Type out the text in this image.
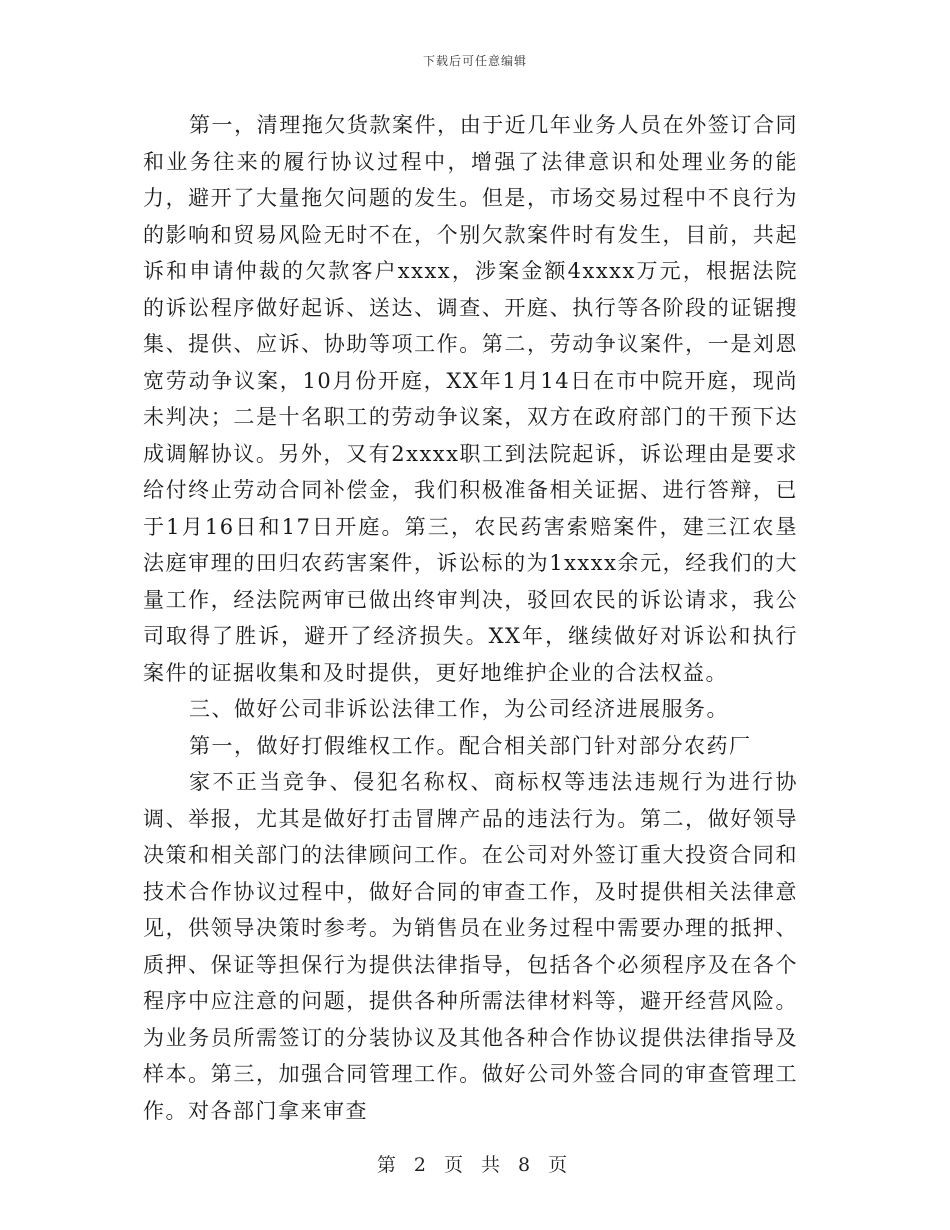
下载后可任意编辑

第一，清理拖欠货款案件，由于近几年业务人员在外签订合同和业务往来的履行协议过程中，增强了法律意识和处理业务的能力，避开了大量拖欠问题的发生。但是，市场交易过程中不良行为的影响和贸易风险无时不在，个别欠款案件时有发生，目前，共起诉和申请仲裁的欠款客户xxxx，涉案金额4xxxx万元，根据法院的诉讼程序做好起诉、送达、调查、开庭、执行等各阶段的证锯搜集、提供、应诉、协助等项工作。第二，劳动争议案件，一是刘恩宽劳动争议案，10月份开庭，XX年1月14日在市中院开庭，现尚未判决；二是十名职工的劳动争议案，双方在政府部门的干预下达成调解协议。另外，又有2xxxx职工到法院起诉，诉讼理由是要求给付终止劳动合同补偿金，我们积极准备相关证据、进行答辩，已于1月16日和17日开庭。第三，农民药害索赔案件，建三江农垦法庭审理的田归农药害案件，诉讼标的为1xxxx余元，经我们的大量工作，经法院两审已做出终审判决，驳回农民的诉讼请求，我公司取得了胜诉，避开了经济损失。XX年，继续做好对诉讼和执行案件的证据收集和及时提供，更好地维护企业的合法权益。

三、做好公司非诉讼法律工作，为公司经济进展服务。

第一，做好打假维权工作。配合相关部门针对部分农药厂

家不正当竞争、侵犯名称权、商标权等违法违规行为进行协调、举报，尤其是做好打击冒牌产品的违法行为。第二，做好领导决策和相关部门的法律顾问工作。在公司对外签订重大投资合同和技术合作协议过程中，做好合同的审查工作，及时提供相关法律意见，供领导决策时参考。为销售员在业务过程中需要办理的抵押、质押、保证等担保行为提供法律指导，包括各个必须程序及在各个程序中应注意的问题，提供各种所需法律材料等，避开经营风险。为业务员所需签订的分装协议及其他各种合作协议提供法律指导及样本。第三，加强合同管理工作。做好公司外签合同的审查管理工作。对各部门拿来审查

第 2 页 共 8 页
